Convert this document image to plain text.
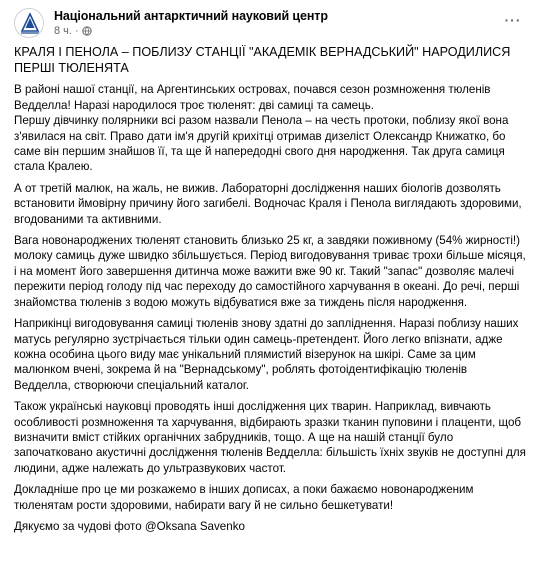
Національний антарктичний науковий центр
8 ч. ·
···
КРАЛЯ І ПЕНОЛА – ПОБЛИЗУ СТАНЦІЇ "АКАДЕМІК ВЕРНАДСЬКИЙ" НАРОДИЛИСЯ ПЕРШІ ТЮЛЕНЯТА
В районі нашої станції, на Аргентинських островах, почався сезон розмноження тюленів Ведделла! Наразі народилося троє тюленят: дві самиці та самець.
Першу дівчинку полярники всі разом назвали Пенола – на честь протоки, поблизу якої вона з'явилася на світ. Право дати ім'я другій крихітці отримав дизеліст Олександр Книжатко, бо саме він першим знайшов її, та ще й напередодні свого дня народження. Так друга самиця стала Кралею.
А от третій малюк, на жаль, не вижив. Лабораторні дослідження наших біологів дозволять встановити ймовірну причину його загибелі. Водночас Краля і Пенола виглядають здоровими, вгодованими та активними.
Вага новонароджених тюленят становить близько 25 кг, а завдяки поживному (54% жирності!) молоку самиць дуже швидко збільшується. Період вигодовування триває трохи більше місяця, і на момент його завершення дитинча може важити вже 90 кг. Такий "запас" дозволяє малечі пережити період голоду під час переходу до самостійного харчування в океані. До речі, перші знайомства тюленів з водою можуть відбуватися вже за тиждень після народження.
Наприкінці вигодовування самиці тюленів знову здатні до запліднення. Наразі поблизу наших матусь регулярно зустрічається тільки один самець-претендент. Його легко впізнати, адже кожна особина цього виду має унікальний плямистий візерунок на шкірі. Саме за цим малюнком вчені, зокрема й на "Вернадському", роблять фотоідентифікацію тюленів Ведделла, створюючи спеціальний каталог.
Також українські науковці проводять інші дослідження цих тварин. Наприклад, вивчають особливості розмноження та харчування, відбирають зразки тканин пуповини і плаценти, щоб визначити вміст стійких органічних забрудників, тощо. А ще на нашій станції було започатковано акустичні дослідження тюленів Ведделла: більшість їхніх звуків не доступні для людини, адже належать до ультразвукових частот.
Докладніше про це ми розкажемо в інших дописах, а поки бажаємо новонародженим тюленятам рости здоровими, набирати вагу й не сильно бешкетувати!
Дякуємо за чудові фото @Oksana Savenko
